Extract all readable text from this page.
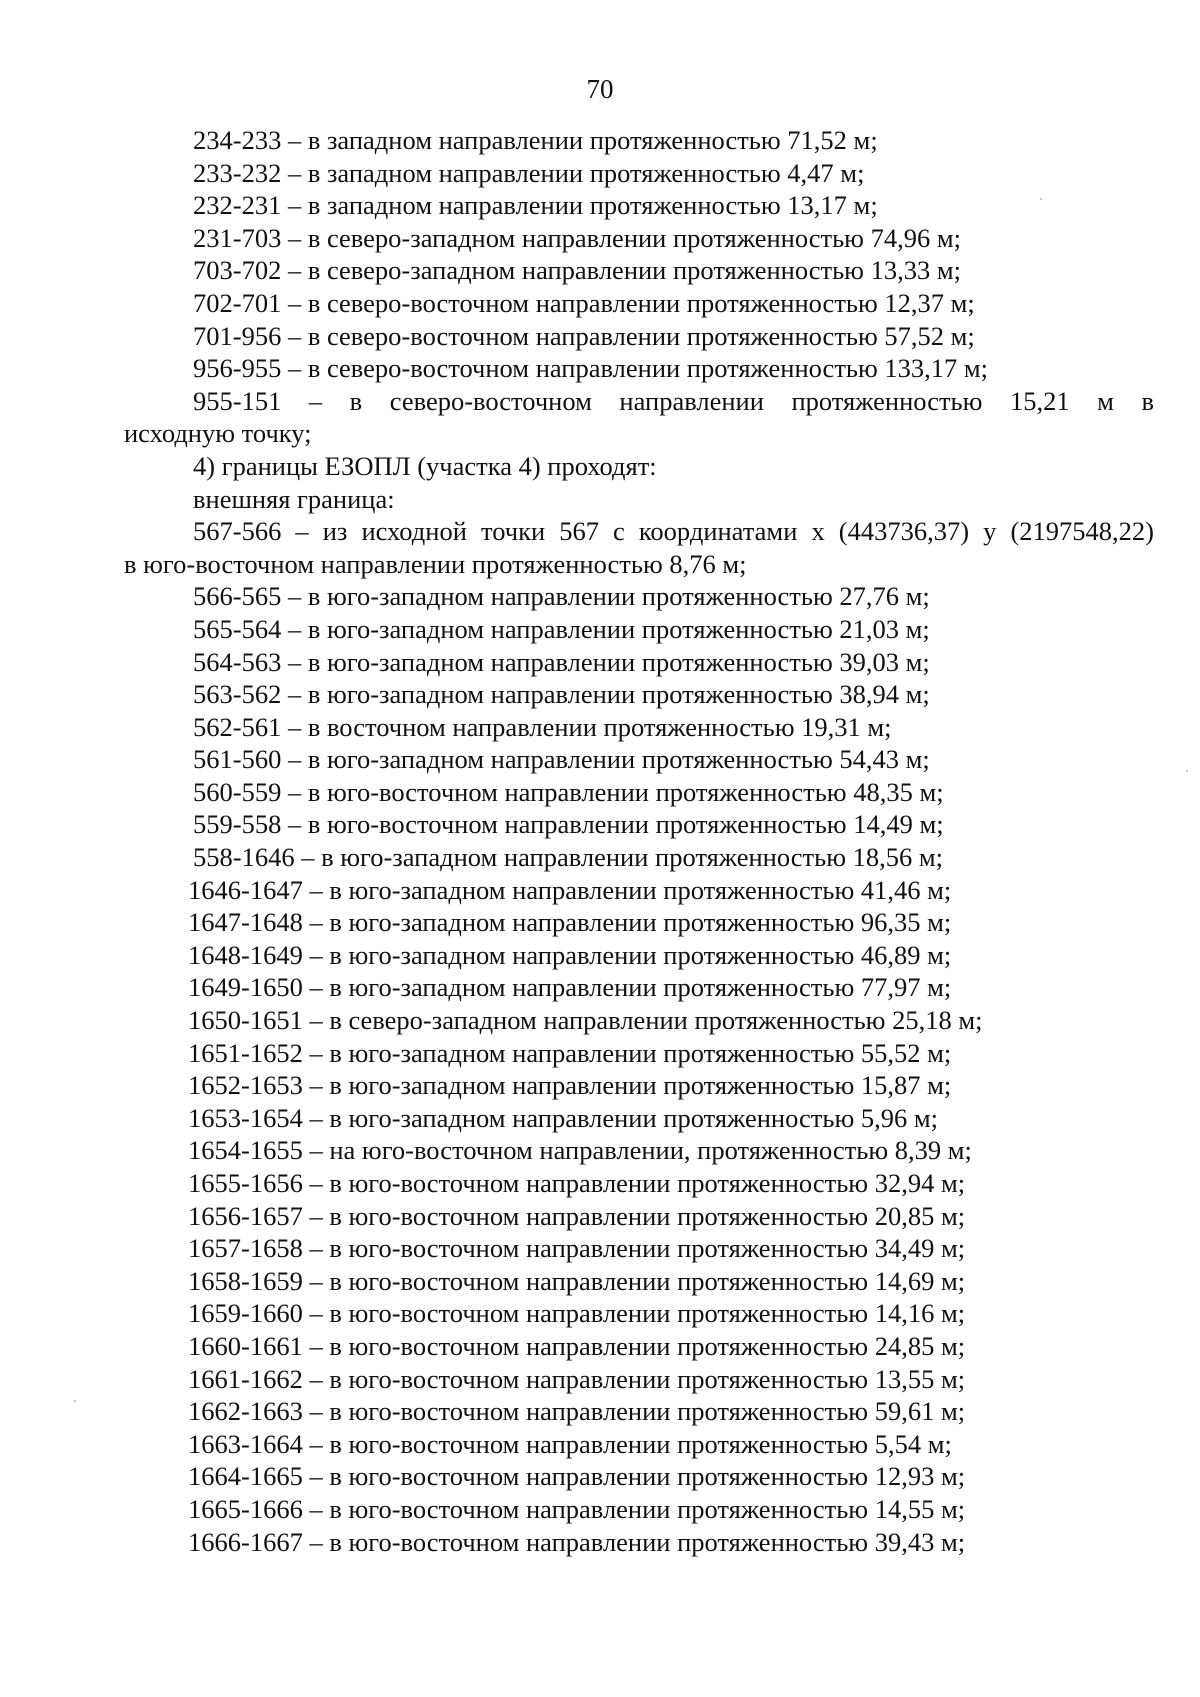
70
234-233 – в западном направлении протяженностью 71,52 м;
233-232 – в западном направлении протяженностью 4,47 м;
232-231 – в западном направлении протяженностью 13,17 м;
231-703 – в северо-западном направлении протяженностью 74,96 м;
703-702 – в северо-западном направлении протяженностью 13,33 м;
702-701 – в северо-восточном направлении протяженностью 12,37 м;
701-956 – в северо-восточном направлении протяженностью 57,52 м;
956-955 – в северо-восточном направлении протяженностью 133,17 м;
955-151 – в северо-восточном направлении протяженностью 15,21 м в
исходную точку;
4) границы ЕЗОПЛ (участка 4) проходят:
внешняя граница:
567-566 – из исходной точки 567 с координатами x (443736,37) y (2197548,22)
в юго-восточном направлении протяженностью 8,76 м;
566-565 – в юго-западном направлении протяженностью 27,76 м;
565-564 – в юго-западном направлении протяженностью 21,03 м;
564-563 – в юго-западном направлении протяженностью 39,03 м;
563-562 – в юго-западном направлении протяженностью 38,94 м;
562-561 – в восточном направлении протяженностью 19,31 м;
561-560 – в юго-западном направлении протяженностью 54,43 м;
560-559 – в юго-восточном направлении протяженностью 48,35 м;
559-558 – в юго-восточном направлении протяженностью 14,49 м;
558-1646 – в юго-западном направлении протяженностью 18,56 м;
1646-1647 – в юго-западном направлении протяженностью 41,46 м;
1647-1648 – в юго-западном направлении протяженностью 96,35 м;
1648-1649 – в юго-западном направлении протяженностью 46,89 м;
1649-1650 – в юго-западном направлении протяженностью 77,97 м;
1650-1651 – в северо-западном направлении протяженностью 25,18 м;
1651-1652 – в юго-западном направлении протяженностью 55,52 м;
1652-1653 – в юго-западном направлении протяженностью 15,87 м;
1653-1654 – в юго-западном направлении протяженностью 5,96 м;
1654-1655 – на юго-восточном направлении, протяженностью 8,39 м;
1655-1656 – в юго-восточном направлении протяженностью 32,94 м;
1656-1657 – в юго-восточном направлении протяженностью 20,85 м;
1657-1658 – в юго-восточном направлении протяженностью 34,49 м;
1658-1659 – в юго-восточном направлении протяженностью 14,69 м;
1659-1660 – в юго-восточном направлении протяженностью 14,16 м;
1660-1661 – в юго-восточном направлении протяженностью 24,85 м;
1661-1662 – в юго-восточном направлении протяженностью 13,55 м;
1662-1663 – в юго-восточном направлении протяженностью 59,61 м;
1663-1664 – в юго-восточном направлении протяженностью 5,54 м;
1664-1665 – в юго-восточном направлении протяженностью 12,93 м;
1665-1666 – в юго-восточном направлении протяженностью 14,55 м;
1666-1667 – в юго-восточном направлении протяженностью 39,43 м;
